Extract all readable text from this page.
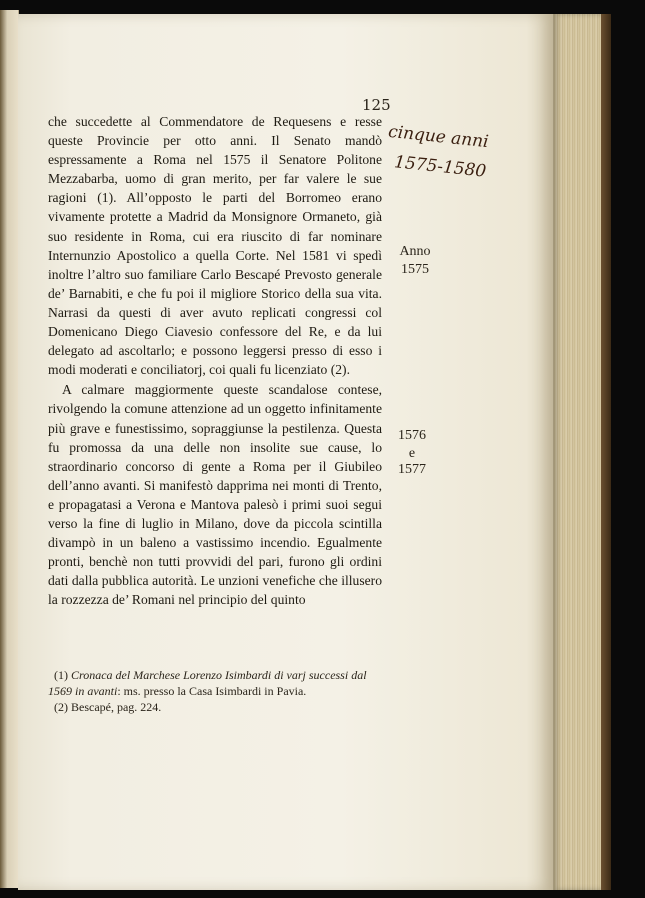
125
cinque anni
1575-1580

che succedette al Commendatore de Requesens e resse queste Provincie per otto anni. Il Senato mandò espressamente a Roma nel 1575 il Senatore Politone Mezzabarba, uomo di gran merito, per far valere le sue ragioni (1). All’opposto le parti del Borromeo erano vivamente protette a Madrid da Monsignore Ormaneto, già suo residente in Roma, cui era riuscito di far nominare Internunzio Apostolico a quella Corte. Nel 1581 vi spedì inoltre l’altro suo familiare Carlo Bescapé Prevosto generale de’ Barnabiti, e che fu poi il migliore Storico della sua vita. Narrasi da questi di aver avuto replicati congressi col Domenicano Diego Ciavesio confessore del Re, e da lui delegato ad ascoltarlo; e possono leggersi presso di esso i modi moderati e conciliatorj, coi quali fu licenziato (2).

A calmare maggiormente queste scandalose contese, rivolgendo la comune attenzione ad un oggetto infinitamente più grave e funestissimo, sopraggiunse la pestilenza. Questa fu promossa da una delle non insolite sue cause, lo straordinario concorso di gente a Roma per il Giubileo dell’anno avanti. Si manifestò dapprima nei monti di Trento, e propagatasi a Verona e Mantova palesò i primi suoi segui verso la fine di luglio in Milano, dove da piccola scintilla divampò in un baleno a vastissimo incendio. Egualmente pronti, benchè non tutti provvidi del pari, furono gli ordini dati dalla pubblica autorità. Le unzioni venefiche che illusero la rozzezza de’ Romani nel principio del quinto

Anno
1575
1576
e
1577
(1) Cronaca del Marchese Lorenzo Isimbardi di varj successi dal 1569 in avanti: ms. presso la Casa Isimbardi in Pavia.
(2) Bescapé, pag. 224.
